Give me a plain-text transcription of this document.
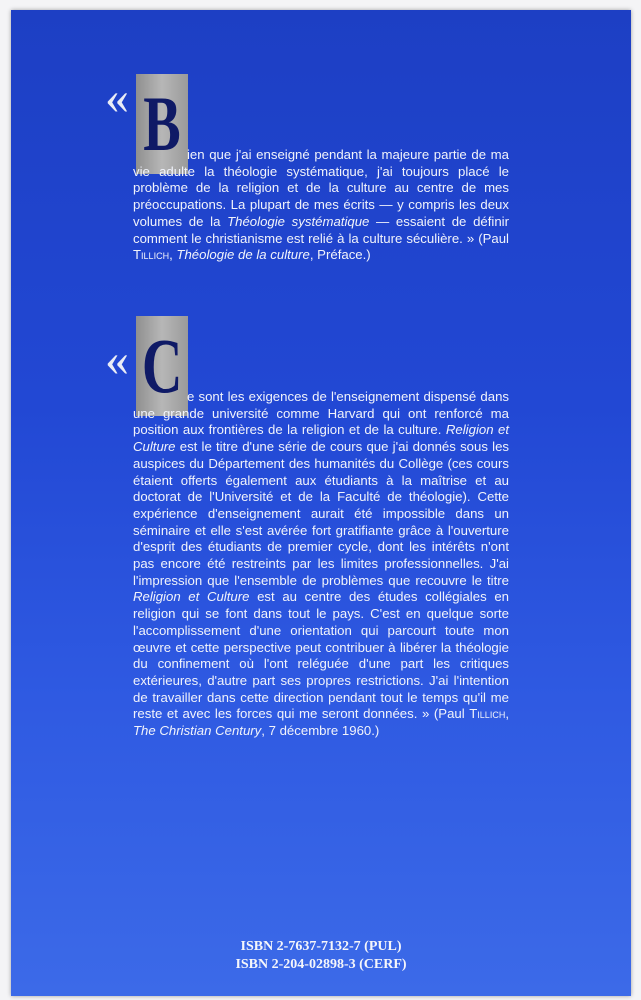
« B ien que j'ai enseigné pendant la majeure partie de ma vie adulte la théologie systématique, j'ai toujours placé le problème de la religion et de la culture au centre de mes préoccupations. La plupart de mes écrits — y compris les deux volumes de la Théologie systématique — essaient de définir comment le christianisme est relié à la culture séculière. » (Paul Tillich, Théologie de la culture, Préface.)

« C e sont les exigences de l'enseignement dispensé dans une grande université comme Harvard qui ont renforcé ma position aux frontières de la religion et de la culture. Religion et Culture est le titre d'une série de cours que j'ai donnés sous les auspices du Département des humanités du Collège (ces cours étaient offerts également aux étudiants à la maîtrise et au doctorat de l'Université et de la Faculté de théologie). Cette expérience d'enseignement aurait été impossible dans un séminaire et elle s'est avérée fort gratifiante grâce à l'ouverture d'esprit des étudiants de premier cycle, dont les intérêts n'ont pas encore été restreints par les limites professionnelles. J'ai l'impression que l'ensemble de problèmes que recouvre le titre Religion et Culture est au centre des études collégiales en religion qui se font dans tout le pays. C'est en quelque sorte l'accomplissement d'une orientation qui parcourt toute mon œuvre et cette perspective peut contribuer à libérer la théologie du confinement où l'ont reléguée d'une part les critiques extérieures, d'autre part ses propres restrictions. J'ai l'intention de travailler dans cette direction pendant tout le temps qu'il me reste et avec les forces qui me seront données. » (Paul Tillich, The Christian Century, 7 décembre 1960.)

ISBN 2-7637-7132-7 (PUL)
ISBN 2-204-02898-3 (CERF)
